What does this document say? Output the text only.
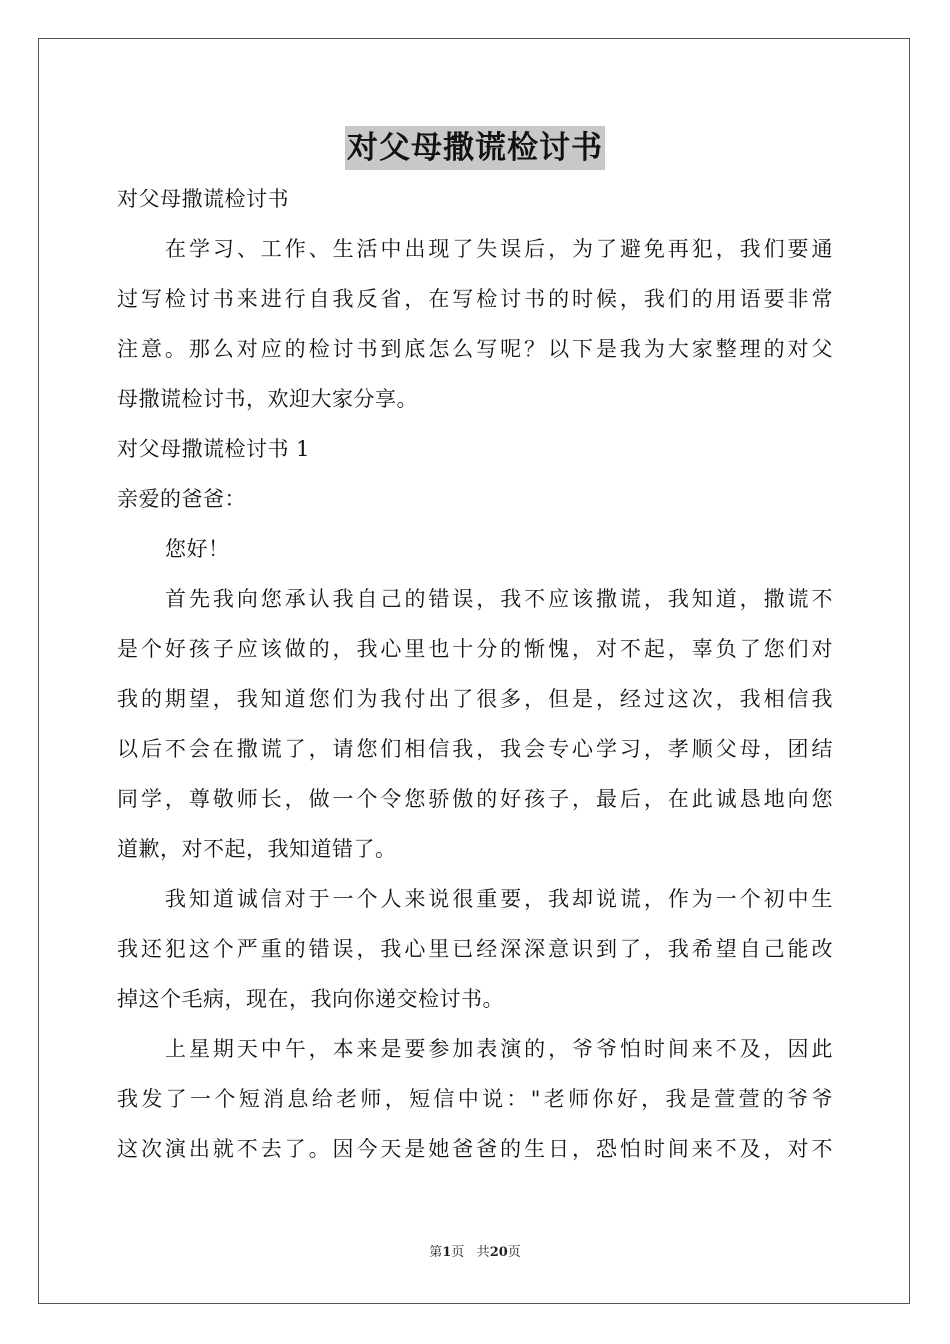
对父母撒谎检讨书
对父母撒谎检讨书
在学习、工作、生活中出现了失误后，为了避免再犯，我们要通
过写检讨书来进行自我反省，在写检讨书的时候，我们的用语要非常
注意。那么对应的检讨书到底怎么写呢？以下是我为大家整理的对父
母撒谎检讨书，欢迎大家分享。
对父母撒谎检讨书 1
亲爱的爸爸：
您好！
首先我向您承认我自己的错误，我不应该撒谎，我知道，撒谎不
是个好孩子应该做的，我心里也十分的惭愧，对不起，辜负了您们对
我的期望，我知道您们为我付出了很多，但是，经过这次，我相信我
以后不会在撒谎了，请您们相信我，我会专心学习，孝顺父母，团结
同学，尊敬师长，做一个令您骄傲的好孩子，最后，在此诚恳地向您
道歉，对不起，我知道错了。
我知道诚信对于一个人来说很重要，我却说谎，作为一个初中生
我还犯这个严重的错误，我心里已经深深意识到了，我希望自己能改
掉这个毛病，现在，我向你递交检讨书。
上星期天中午，本来是要参加表演的，爷爷怕时间来不及，因此
我发了一个短消息给老师，短信中说："老师你好，我是萱萱的爷爷
这次演出就不去了。因今天是她爸爸的生日，恐怕时间来不及，对不
第1页 共20页
